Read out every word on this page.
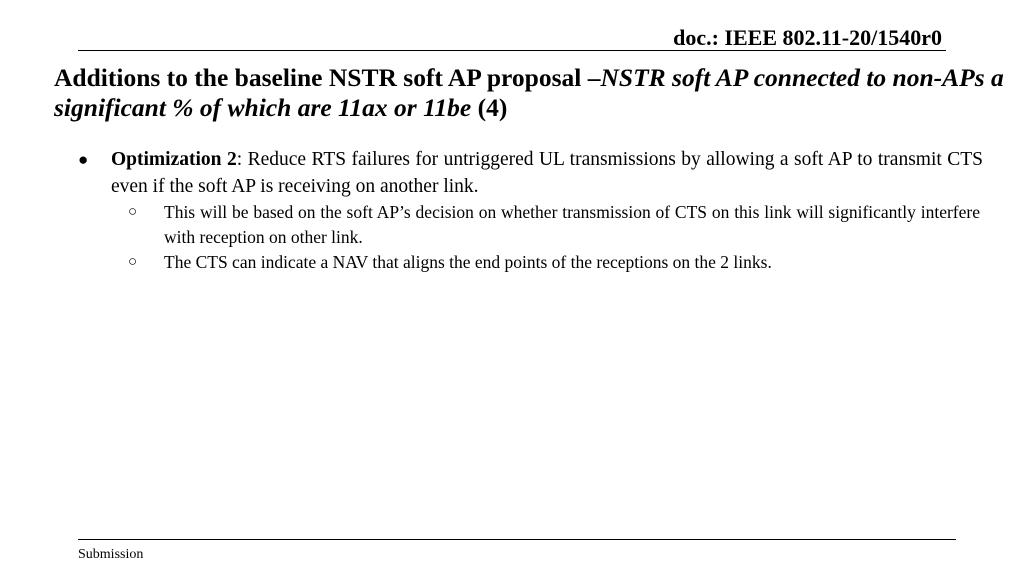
doc.: IEEE 802.11-20/1540r0
Additions to the baseline NSTR soft AP proposal –NSTR soft AP connected to non-APs a significant % of which are 11ax or 11be (4)
● Optimization 2: Reduce RTS failures for untriggered UL transmissions by allowing a soft AP to transmit CTS even if the soft AP is receiving on another link.
○ This will be based on the soft AP’s decision on whether transmission of CTS on this link will significantly interfere with reception on other link.
○ The CTS can indicate a NAV that aligns the end points of the receptions on the 2 links.
Submission
